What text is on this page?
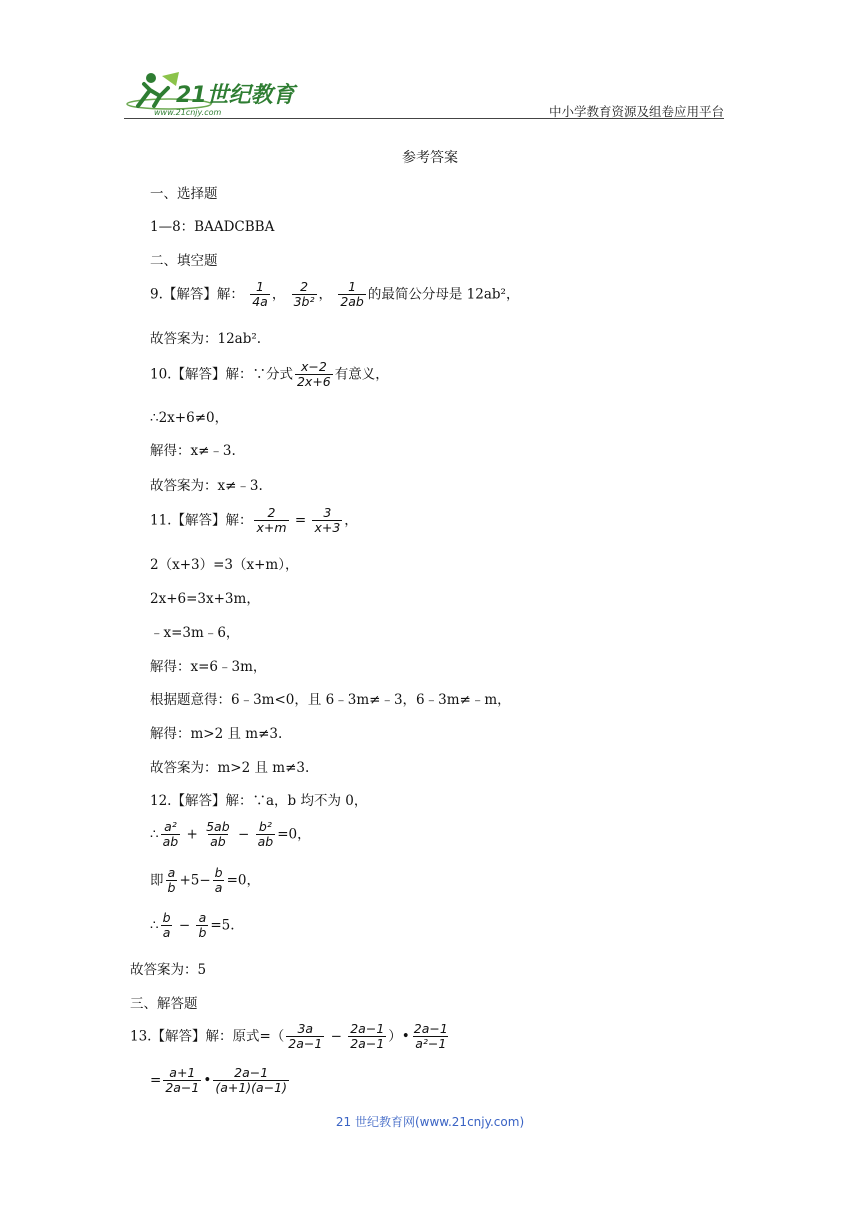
21世纪教育
www.21cnjy.com	中小学教育资源及组卷应用平台
参考答案
一、选择题
1—8：BAADCBBA
二、填空题
9.【解答】解： $\frac{1}{4a}$ ， $\frac{2}{\text{3b²}}$ ， $\frac{1}{2ab}$ 的最简公分母是 12ab²，
故答案为：12ab².
10.【解答】解：∵分式 $\frac{x-2}{2x+6}$ 有意义，
∴2x+6≠0，
解得：x≠﹣3.
故答案为：x≠﹣3.
11.【解答】解： $\frac{2}{x+m} = \frac{3}{x+3}$ ，
2（x+3）=3（x+m），
2x+6=3x+3m，
﹣x=3m﹣6，
解得：x=6﹣3m，
根据题意得：6﹣3m<0，且 6﹣3m≠﹣3，6﹣3m≠﹣m，
解得：m>2 且 m≠3.
故答案为：m>2 且 m≠3.
12.【解答】解：∵a，b 均不为 0，
∴ $\frac{\text{a²}}{ab} + \frac{5ab}{ab} - \frac{\text{b²}}{ab} =0$，
即 $\frac{a}{b} +5- \frac{b}{a} =0$，
∴ $\frac{b}{a} - \frac{a}{b} =5$.
故答案为：5
三、解答题
13.【解答】解：原式=（ $\frac{3a}{2a-1} - \frac{2a-1}{2a-1}$ ）• $\frac{2a-1}{\text{a²−1}}$
= $\frac{a+1}{2a-1}$ • $\frac{2a-1}{(a+1)(a-1)}$
21 世纪教育网(www.21cnjy.com)
